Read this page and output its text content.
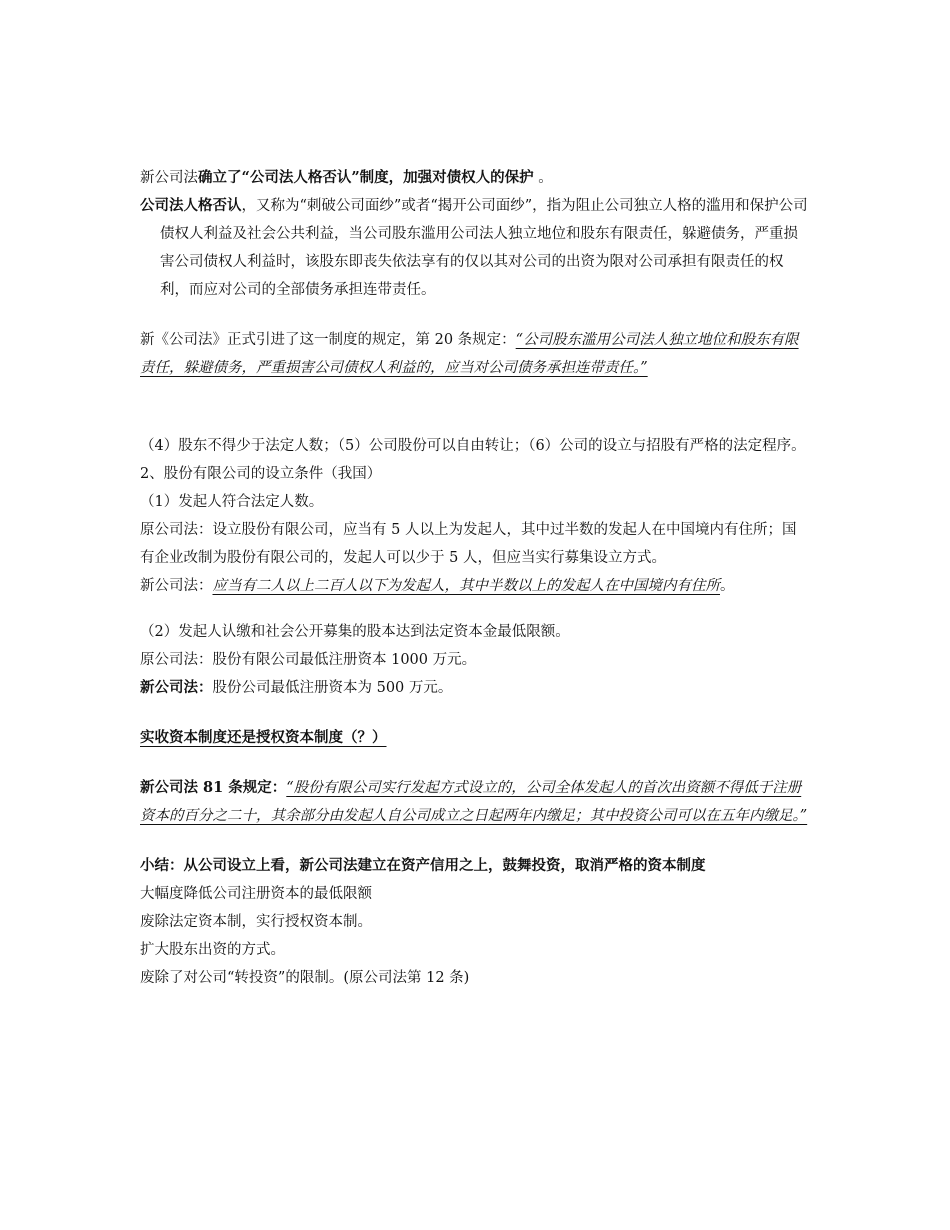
新公司法确立了“公司法人格否认”制度，加强对债权人的保护 。

公司法人格否认，又称为“刺破公司面纱”或者“揭开公司面纱”，指为阻止公司独立人格的滥用和保护公司债权人利益及社会公共利益，当公司股东滥用公司法人独立地位和股东有限责任，躲避债务，严重损害公司债权人利益时，该股东即丧失依法享有的仅以其对公司的出资为限对公司承担有限责任的权利，而应对公司的全部债务承担连带责任。

新《公司法》正式引进了这一制度的规定，第 20 条规定：“公司股东滥用公司法人独立地位和股东有限责任，躲避债务，严重损害公司债权人利益的，应当对公司债务承担连带责任。”

（4）股东不得少于法定人数；（5）公司股份可以自由转让；（6）公司的设立与招股有严格的法定程序。

2、股份有限公司的设立条件（我国）

（1）发起人符合法定人数。

原公司法：设立股份有限公司，应当有 5 人以上为发起人，其中过半数的发起人在中国境内有住所；国有企业改制为股份有限公司的，发起人可以少于 5 人，但应当实行募集设立方式。

新公司法：应当有二人以上二百人以下为发起人，其中半数以上的发起人在中国境内有住所。

（2）发起人认缴和社会公开募集的股本达到法定资本金最低限额。

原公司法：股份有限公司最低注册资本 1000 万元。

新公司法：股份公司最低注册资本为 500 万元。

实收资本制度还是授权资本制度（？）

新公司法 81 条规定：“股份有限公司实行发起方式设立的，公司全体发起人的首次出资额不得低于注册资本的百分之二十，其余部分由发起人自公司成立之日起两年内缴足；其中投资公司可以在五年内缴足。”

小结：从公司设立上看，新公司法建立在资产信用之上，鼓舞投资，取消严格的资本制度

大幅度降低公司注册资本的最低限额

废除法定资本制，实行授权资本制。

扩大股东出资的方式。

废除了对公司“转投资”的限制。(原公司法第 12 条)
